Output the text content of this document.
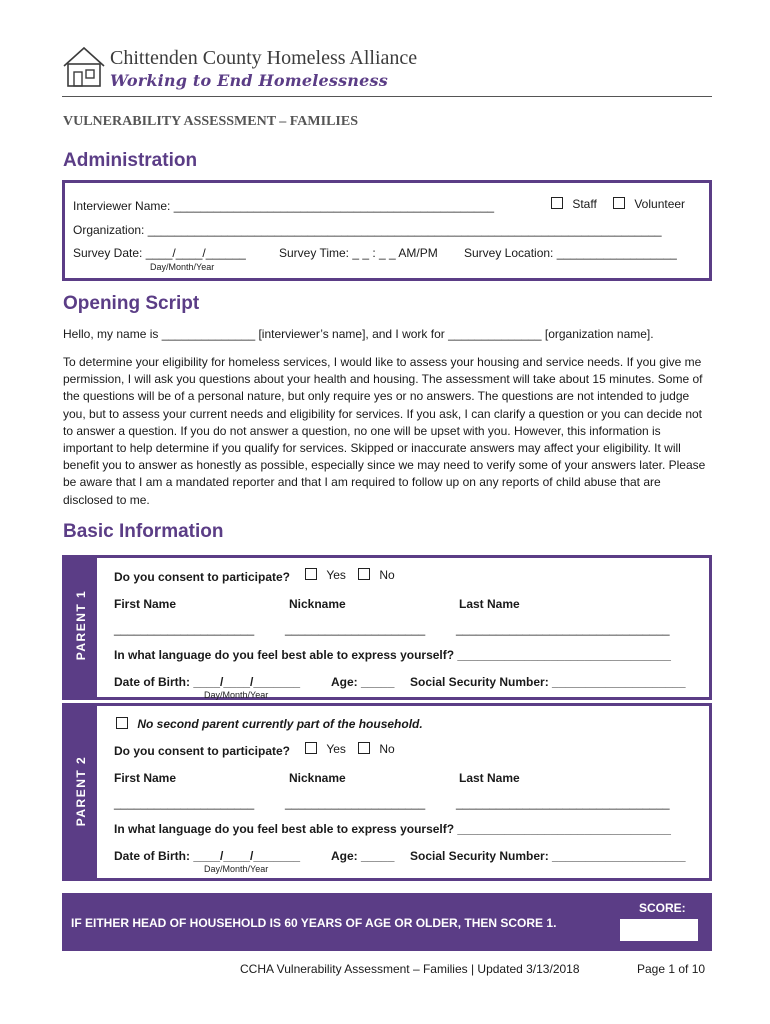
Chittenden County Homeless Alliance
Working to End Homelessness
VULNERABILITY ASSESSMENT – FAMILIES
Administration
Interviewer Name: ________________________________________________	Staff	Volunteer
Organization: _____________________________________________________________________________
Survey Date: ____/____/______
Day/Month/Year
Survey Time: _ _ : _ _ AM/PM Survey Location: __________________
Opening Script
Hello, my name is ______________ [interviewer’s name], and I work for ______________ [organization name].
To determine your eligibility for homeless services, I would like to assess your housing and service needs. If you give me permission, I will ask you questions about your health and housing. The assessment will take about 15 minutes. Some of the questions will be of a personal nature, but only require yes or no answers. The questions are not intended to judge you, but to assess your current needs and eligibility for services. If you ask, I can clarify a question or you can decide not to answer a question. If you do not answer a question, no one will be upset with you. However, this information is important to help determine if you qualify for services. Skipped or inaccurate answers may affect your eligibility. It will benefit you to answer as honestly as possible, especially since we may need to verify some of your answers later. Please be aware that I am a mandated reporter and that I am required to follow up on any reports of child abuse that are disclosed to me.
Basic Information
PARENT 1
Do you consent to participate?	Yes	No
First Name	Nickname	Last Name
_____________________	_____________________	________________________________
In what language do you feel best able to express yourself? ________________________________
Date of Birth: ____/____/_______
Day/Month/Year
Age: _____ Social Security Number: ____________________
PARENT 2
No second parent currently part of the household.
Do you consent to participate?	Yes	No
First Name	Nickname	Last Name
_____________________	_____________________	________________________________
In what language do you feel best able to express yourself? ________________________________
Date of Birth: ____/____/_______
Day/Month/Year
Age: _____ Social Security Number: ____________________
IF EITHER HEAD OF HOUSEHOLD IS 60 YEARS OF AGE OR OLDER, THEN SCORE 1.
SCORE:
CCHA Vulnerability Assessment – Families | Updated 3/13/2018	Page 1 of 10
